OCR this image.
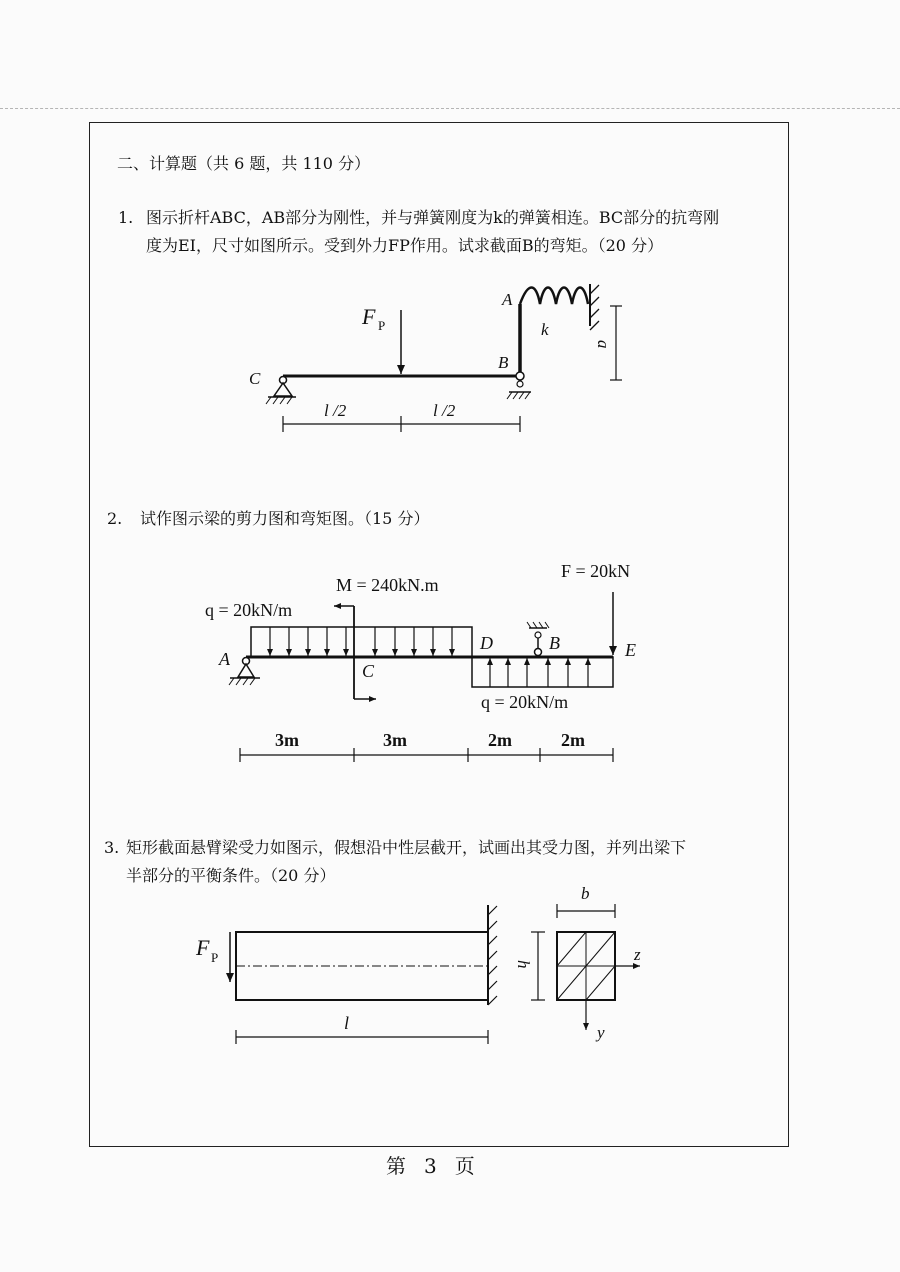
二、计算题（共 6 题，共 110 分）
1. 图示折杆ABC，AB部分为刚性，并与弹簧刚度为k的弹簧相连。BC部分的抗弯刚
度为EI，尺寸如图所示。受到外力FP作用。试求截面B的弯矩。（20 分）
2. 试作图示梁的剪力图和弯矩图。（15 分）
3. 矩形截面悬臂梁受力如图示，假想沿中性层截开，试画出其受力图，并列出梁下
半部分的平衡条件。（20 分）
F P
A
B
C
k
a
l /2	l /2
M = 240kN.m
F = 20kN
q = 20kN/m
q = 20kN/m
A
B
C
D	E
3m	3m	2m	2m
F P
l
b
h
z
y
第 3 页
